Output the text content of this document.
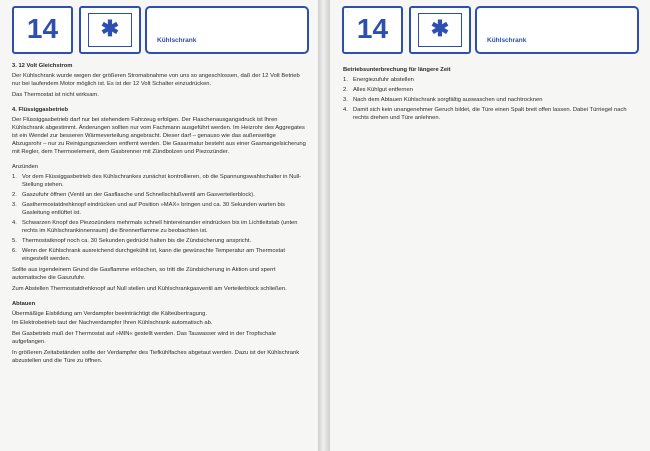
14	✱	Kühlschrank

3. 12 Volt Gleichstrom

Der Kühlschrank wurde wegen der größeren Stromabnahme von uns so angeschlossen, daß der 12 Volt Betrieb nur bei laufendem Motor möglich ist. Es ist der 12 Volt Schalter einzudrücken.

Das Thermostat ist nicht wirksam.

4. Flüssiggasbetrieb

Der Flüssiggasbetrieb darf nur bei stehendem Fahrzeug erfolgen. Der Flaschenausgangsdruck ist Ihren Kühlschrank abgestimmt. Änderungen sollten nur vom Fachmann ausgeführt werden. Im Heizrohr des Aggregates ist ein Wendel zur besseren Wärmeverteilung angebracht. Dieser darf – genauso wie das außenseitige Abzugsrohr – nur zu Reinigungszwecken entfernt werden. Die Gasarmatur besteht aus einer Gasmangelsicherung mit Regler, dem Thermoelement, dem Gasbrenner mit Zündbolzen und Piezozünder.

Anzünden

1. Vor dem Flüssiggasbetrieb des Kühlschrankes zunächst kontrollieren, ob die Spannungswahlschalter in Null-Stellung stehen.
2. Gaszufuhr öffnen (Ventil an der Gasflasche und Schnellschlußventil am Gasverteilerblock).
3. Gasthermostatdrehknopf eindrücken und auf Position »MAX« bringen und ca. 30 Sekunden warten bis Gasleitung entlüftet ist.
4. Schwarzen Knopf des Piezozünders mehrmals schnell hintereinander eindrücken bis im Lichtleitstab (unten rechts im Kühlschrankinnenraum) die Brennerflamme zu beobachten ist.
5. Thermostatknopf noch ca. 30 Sekunden gedrückt halten bis die Zündsicherung anspricht.
6. Wenn der Kühlschrank ausreichend durchgekühlt ist, kann die gewünschte Temperatur am Thermostat eingestellt werden.

Sollte aus irgendeinem Grund die Gasflamme erlöschen, so tritt die Zündsicherung in Aktion und sperrt automatische die Gaszufuhr.

Zum Abstellen Thermostatdrehknopf auf Null stellen und Kühlschrankgasventil am Verteilerblock schließen.

Abtauen

Übermäßige Eisbildung am Verdampfer beeinträchtigt die Kälteübertragung.

Im Elektrobetrieb taut der Nachverdampfer Ihren Kühlschrank automatisch ab.

Bei Gasbetrieb muß der Thermostat auf »MIN« gestellt werden. Das Tauwasser wird in der Tropfschale aufgefangen.

In größeren Zeitabständen sollte der Verdampfer des Tiefkühlfaches abgetaut werden. Dazu ist der Kühlschrank abzustellen und die Türe zu öffnen.

14	✱	Kühlschrank

Betriebsunterbrechung für längere Zeit

1. Energiezufuhr abstellen
2. Alles Kühlgut entfernen
3. Nach dem Abtauen Kühlschrank sorgfältig auswaschen und nachtrocknen
4. Damit sich kein unangenehmer Geruch bildet, die Türe einen Spalt breit offen lassen. Dabei Türriegel nach rechts drehen und Türe anlehnen.
